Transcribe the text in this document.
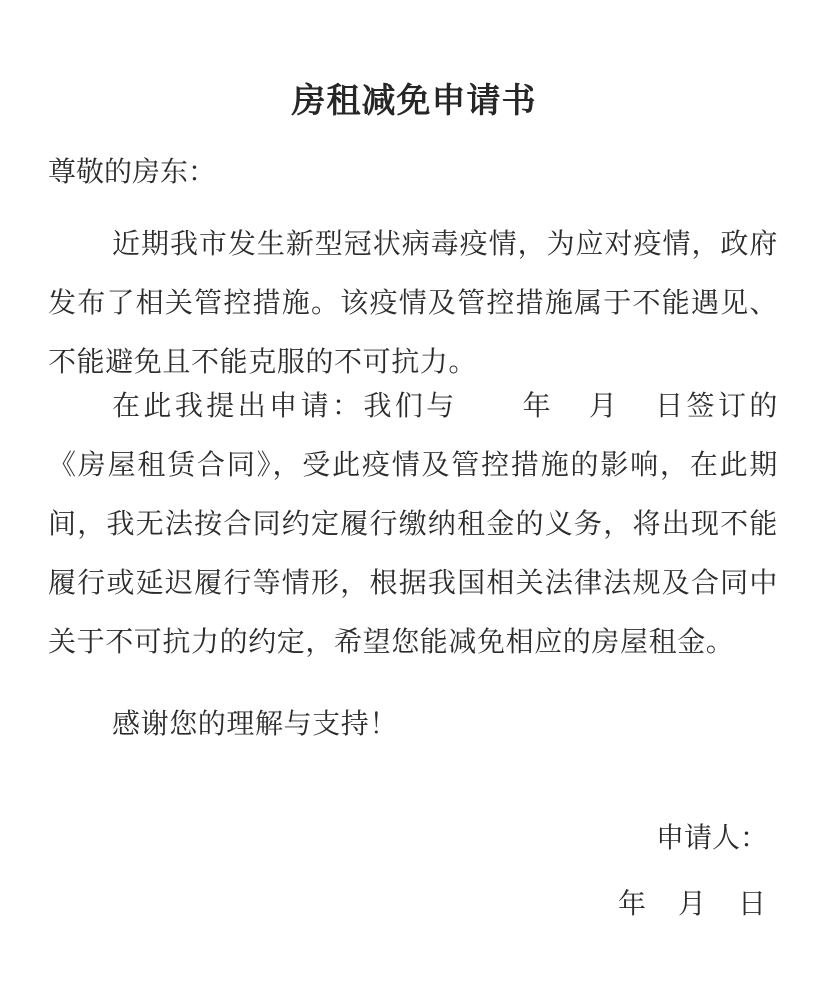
房租减免申请书
尊敬的房东：
近期我市发生新型冠状病毒疫情，为应对疫情，政府发布了相关管控措施。该疫情及管控措施属于不能遇见、不能避免且不能克服的不可抗力。
在此我提出申请：我们与 年 月 日签订的《房屋租赁合同》，受此疫情及管控措施的影响，在此期间，我无法按合同约定履行缴纳租金的义务，将出现不能履行或延迟履行等情形，根据我国相关法律法规及合同中关于不可抗力的约定，希望您能减免相应的房屋租金。
感谢您的理解与支持！
申请人：
年 月 日
